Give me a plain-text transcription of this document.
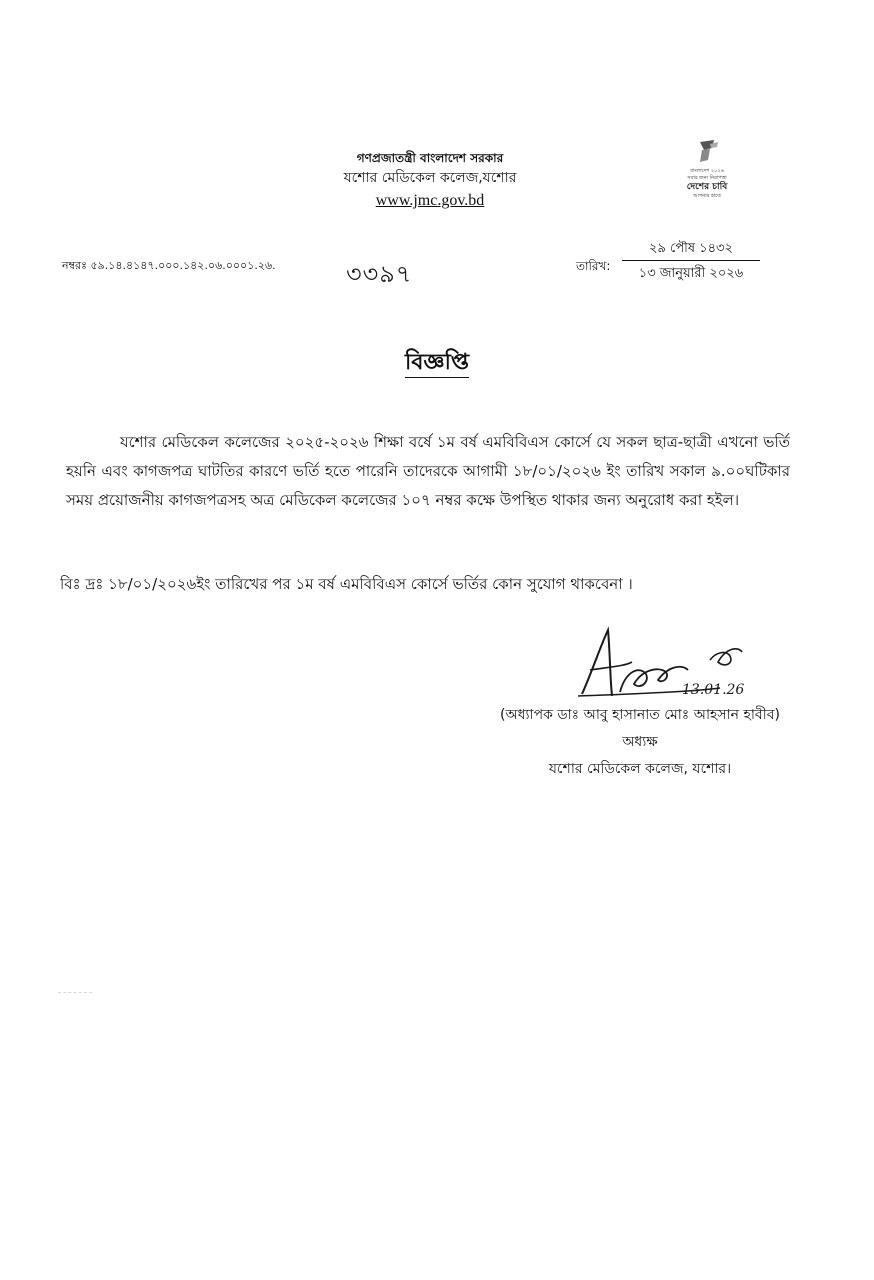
গণপ্রজাতন্ত্রী বাংলাদেশ সরকার
যশোর মেডিকেল কলেজ,যশোর
www.jmc.gov.bd
বাংলাদেশ ২০২৬
সবার জন্য নিরাপত্তা
দেশের চাবি
আপনার হাতে
নম্বরঃ ৫৯.১৪.৪১৪৭.০০০.১৪২.০৬.০০০১.২৬.	৩৩৯৭	তারিখ:
২৯ পৌষ ১৪৩২
১৩ জানুয়ারী ২০২৬
বিজ্ঞপ্তি
যশোর মেডিকেল কলেজের ২০২৫-২০২৬ শিক্ষা বর্ষে ১ম বর্ষ এমবিবিএস কোর্সে যে সকল ছাত্র-ছাত্রী এখনো ভর্তি হয়নি এবং কাগজপত্র ঘাটতির কারণে ভর্তি হতে পারেনি তাদেরকে আগামী ১৮/০১/২০২৬ ইং তারিখ সকাল ৯.০০ঘটিকার সময় প্রয়োজনীয় কাগজপত্রসহ অত্র মেডিকেল কলেজের ১০৭ নম্বর কক্ষে উপস্থিত থাকার জন্য অনুরোধ করা হইল।
বিঃ দ্রঃ ১৮/০১/২০২৬ইং তারিখের পর ১ম বর্ষ এমবিবিএস কোর্সে ভর্তির কোন সুযোগ থাকবেনা ।
13.01.26
(অধ্যাপক ডাঃ আবু হাসানাত মোঃ আহসান হাবীব)
অধ্যক্ষ
যশোর মেডিকেল কলেজ, যশোর।
